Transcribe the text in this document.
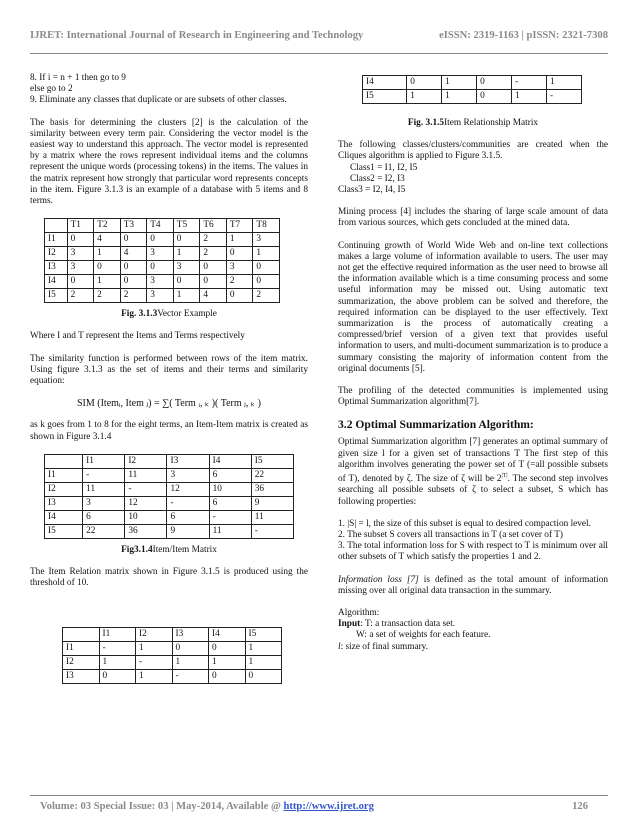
IJRET: International Journal of Research in Engineering and Technology	eISSN: 2319-1163 | pISSN: 2321-7308

8. If i = n + 1 then go to 9

else go to 2

9. Eliminate any classes that duplicate or are subsets of other classes.

The basis for determining the clusters [2] is the calculation of the similarity between every term pair. Considering the vector model is the easiest way to understand this approach. The vector model is represented by a matrix where the rows represent individual items and the columns represent the unique words (processing tokens) in the items. The values in the matrix represent how strongly that particular word represents concepts in the item. Figure 3.1.3 is an example of a database with 5 items and 8 terms.

	T1	T2	T3	T4	T5	T6	T7	T8
I1	0	4	0	0	0	2	1	3
I2	3	1	4	3	1	2	0	1
I3	3	0	0	0	3	0	3	0
I4	0	1	0	3	0	0	2	0
I5	2	2	2	3	1	4	0	2
Fig. 3.1.3Vector Example

Where I and T represent the Items and Terms respectively

The similarity function is performed between rows of the item matrix. Using figure 3.1.3 as the set of items and their terms and similarity equation:

SIM (Itemᵢ, Item ⱼ) = ∑( Term ᵢ, ₖ )( Term ⱼ, ₖ )

as k goes from 1 to 8 for the eight terms, an Item-Item matrix is created as shown in Figure 3.1.4

	I1	I2	I3	I4	I5
I1	-	11	3	6	22
I2	11	-	12	10	36
I3	3	12	-	6	9
I4	6	10	6	-	11
I5	22	36	9	11	-
Fig3.1.4Item/Item Matrix

The Item Relation matrix shown in Figure 3.1.5 is produced using the threshold of 10.

	I1	I2	I3	I4	I5
I1	-	1	0	0	1
I2	1	-	1	1	1
I3	0	1	-	0	0
I4	0	1	0	-	1
I5	1	1	0	1	-
Fig. 3.1.5Item Relationship Matrix

The following classes/clusters/communities are created when the Cliques algorithm is applied to Figure 3.1.5.

Class1 = I1, I2, I5

Class2 = I2, I3

Class3 = I2, I4, I5

Mining process [4] includes the sharing of large scale amount of data from various sources, which gets concluded at the mined data.

Continuing growth of World Wide Web and on-line text collections makes a large volume of information available to users. The user may not get the effective required information as the user need to browse all the information available which is a time consuming process and some useful information may be missed out. Using automatic text summarization, the above problem can be solved and therefore, the required information can be displayed to the user effectively. Text summarization is the process of automatically creating a compressed/brief version of a given text that provides useful information to users, and multi-document summarization is to produce a summary consisting the majority of information content from the original documents [5].

The profiling of the detected communities is implemented using Optimal Summarization algorithm[7].

3.2 Optimal Summarization Algorithm:

Optimal Summarization algorithm [7] generates an optimal summary of given size l for a given set of transactions T The first step of this algorithm involves generating the power set of T (=all possible subsets of T), denoted by ζ. The size of ζ will be $2^{|T|}$. The second step involves searching all possible subsets of ζ to select a subset, S which has following properties:

1. |S| = l, the size of this subset is equal to desired compaction level.

2. The subset S covers all transactions in T (a set cover of T)

3. The total information loss for S with respect to T is minimum over all other subsets of T which satisfy the properties 1 and 2.

Information loss [7] is defined as the total amount of information missing over all original data transaction in the summary.

Algorithm:

Input: T: a transaction data set.

W: a set of weights for each feature.

l: size of final summary.

Volume: 03 Special Issue: 03 | May-2014, Available @ http://www.ijret.org	126
